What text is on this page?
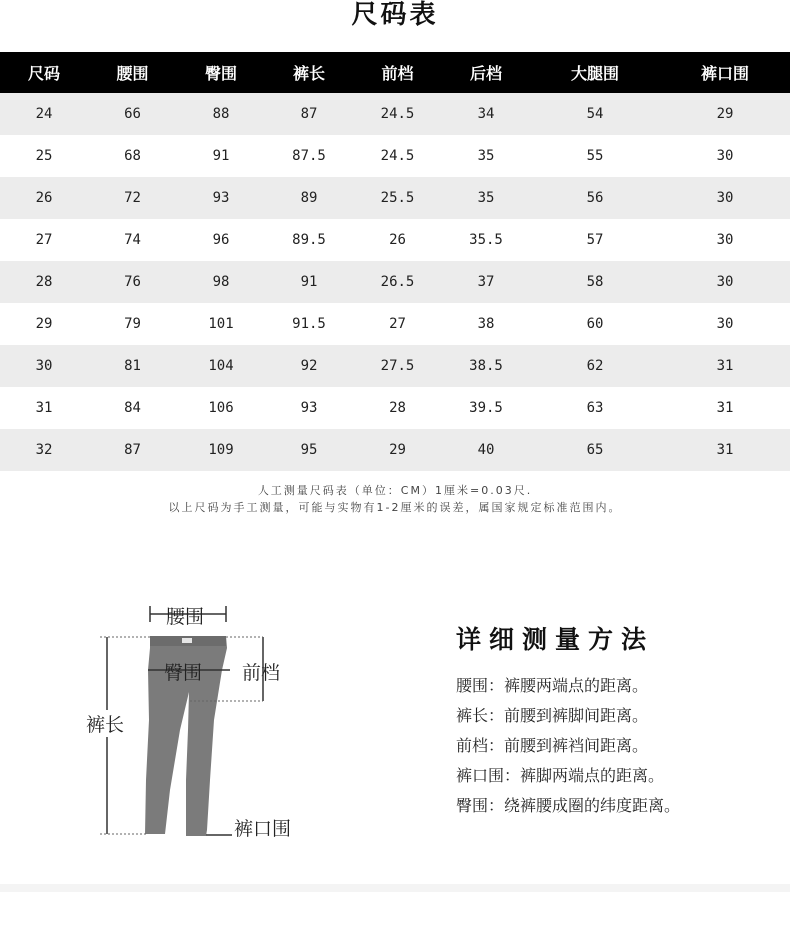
尺码表
尺码	腰围	臀围	裤长	前档	后档	大腿围	裤口围
24	66	88	87	24.5	34	54	29
25	68	91	87.5	24.5	35	55	30
26	72	93	89	25.5	35	56	30
27	74	96	89.5	26	35.5	57	30
28	76	98	91	26.5	37	58	30
29	79	101	91.5	27	38	60	30
30	81	104	92	27.5	38.5	62	31
31	84	106	93	28	39.5	63	31
32	87	109	95	29	40	65	31
人工测量尺码表（单位：CM）1厘米=0.03尺.
以上尺码为手工测量，可能与实物有1-2厘米的误差，属国家规定标准范围内。
腰围
臀围 前档
裤长
裤口围
详细测量方法
腰围：裤腰两端点的距离。
裤长：前腰到裤脚间距离。
前档：前腰到裤裆间距离。
裤口围：裤脚两端点的距离。
臀围：绕裤腰成圈的纬度距离。
